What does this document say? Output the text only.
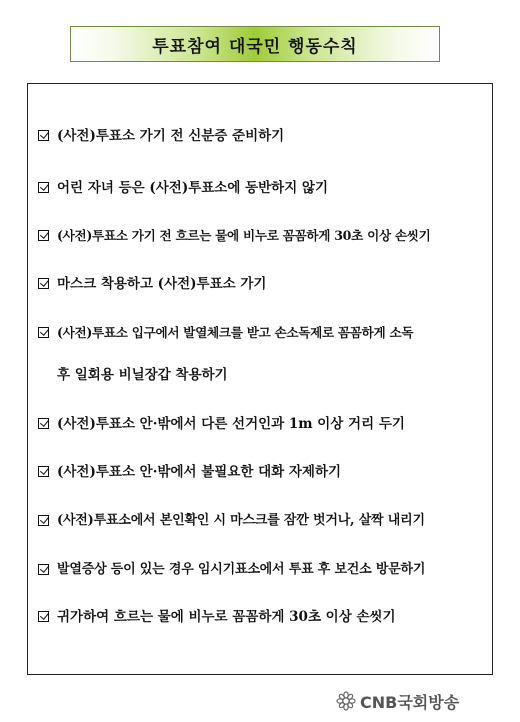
투표참여 대국민 행동수칙
(사전)투표소 가기 전 신분증 준비하기
어린 자녀 등은 (사전)투표소에 동반하지 않기
(사전)투표소 가기 전 흐르는 물에 비누로 꼼꼼하게 30초 이상 손씻기
마스크 착용하고 (사전)투표소 가기
(사전)투표소 입구에서 발열체크를 받고 손소독제로 꼼꼼하게 소독
후 일회용 비닐장갑 착용하기
(사전)투표소 안·밖에서 다른 선거인과 1m 이상 거리 두기
(사전)투표소 안·밖에서 불필요한 대화 자제하기
(사전)투표소에서 본인확인 시 마스크를 잠깐 벗거나, 살짝 내리기
발열증상 등이 있는 경우 임시기표소에서 투표 후 보건소 방문하기
귀가하여 흐르는 물에 비누로 꼼꼼하게 30초 이상 손씻기
CNB국회방송
